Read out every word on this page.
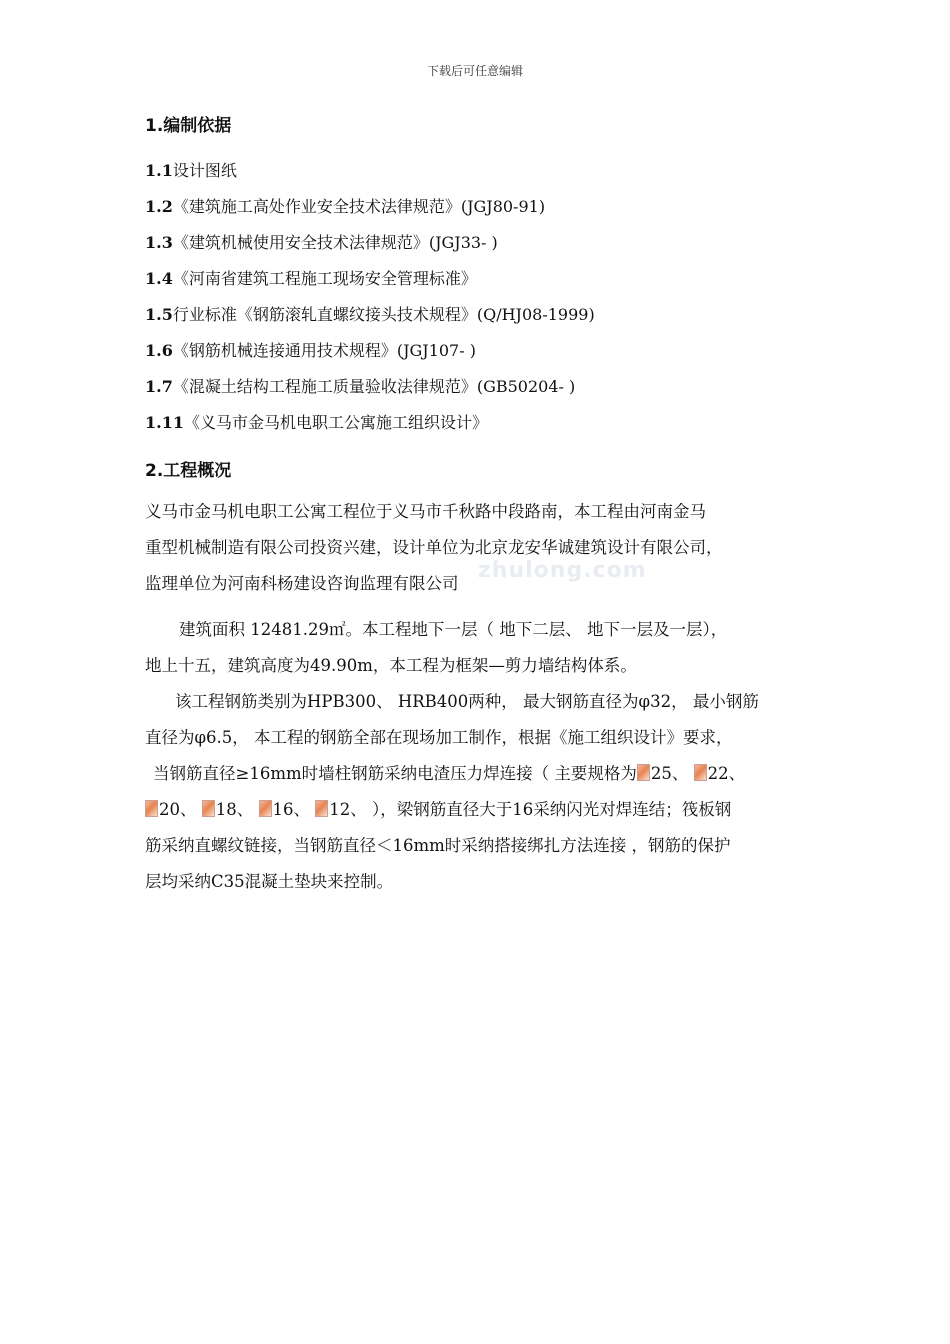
下载后可任意编辑
zhulong.com
1.编制依据
1.1设计图纸
1.2《建筑施工高处作业安全技术法律规范》(JGJ80-91)
1.3《建筑机械使用安全技术法律规范》(JGJ33- )
1.4《河南省建筑工程施工现场安全管理标准》
1.5行业标准《钢筋滚轧直螺纹接头技术规程》(Q/HJ08-1999)
1.6《钢筋机械连接通用技术规程》(JGJ107- )
1.7《混凝土结构工程施工质量验收法律规范》(GB50204- )
1.11《义马市金马机电职工公寓施工组织设计》
2.工程概况
义马市金马机电职工公寓工程位于义马市千秋路中段路南，本工程由河南金马
重型机械制造有限公司投资兴建，设计单位为北京龙安华诚建筑设计有限公司，
监理单位为河南科杨建设咨询监理有限公司
建筑面积 12481.29㎡。本工程地下一层（ 地下二层、 地下一层及一层），
地上十五，建筑高度为49.90m，本工程为框架—剪力墙结构体系。
该工程钢筋类别为HPB300、 HRB400两种， 最大钢筋直径为φ32， 最小钢筋
直径为φ6.5， 本工程的钢筋全部在现场加工制作，根据《施工组织设计》要求，
当钢筋直径≥16mm时墙柱钢筋采纳电渣压力焊连接（ 主要规格为 25、 22、
20、 18、 16、 12、 ），梁钢筋直径大于16采纳闪光对焊连结；筏板钢
筋采纳直螺纹链接，当钢筋直径＜16mm时采纳搭接绑扎方法连接 ，钢筋的保护
层均采纳C35混凝土垫块来控制。
